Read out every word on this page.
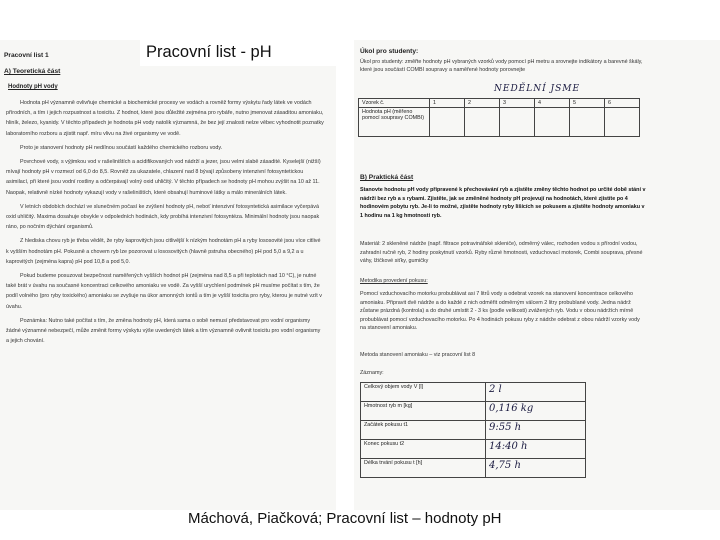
Pracovní list - pH
Pracovní list 1
A) Teoretická část
Hodnoty pH vody

Hodnota pH významně ovlivňuje chemické a biochemické procesy ve vodách a rovněž formy výskytu řady látek ve vodách přírodních, a tím i jejich rozpustnost a toxicitu. Z hodnot, které jsou důležité zejména pro rybáře, nutno jmenovat zásaditou amoniaku, hliník, železo, kyanidy. V těchto případech je hodnota pH vody natolik významná, že bez její znalosti nelze věbec vyhodnotit poznatky laboratorního rozboru a zjistit např. míru vlivu na živé organismy ve vodě.

Proto je stanovení hodnoty pH nedílnou součástí každého chemického rozboru vody.

Povrchové vody, s výjimkou vod v rašeliništích a acidifikovaných vod nádrží a jezer, jsou velmi slabě zásadité. Kyselejší (nižší) mívají hodnoty pH v rozmezí od 6,0 do 8,5. Rovněž za ukazatele, chlazení nad 8 bývají způsobeny intenzivní fotosyntetickou asimilací, při které jsou vodní rostliny a odčerpávají volný oxid uhličitý. V těchto případech se hodnoty pH mohou zvýšit na 10 až 11. Naopak, relativně nízké hodnoty vykazují vody v rašeliništích, které obsahují huminové látky a málo minerálních látek.

V letních obdobích dochází ve slunečném počasí ke zvýšení hodnoty pH, neboť intenzivní fotosyntetická asimilace vyčerpává oxid uhličitý. Maxima dosahuje obvykle v odpoledních hodinách, kdy probíhá intenzivní fotosyntéza. Minimální hodnoty jsou naopak ráno, po nočním dýchání organismů.

Z hlediska chovu ryb je třeba vědět, že ryby kaprovitých jsou citlivější k nízkým hodnotám pH a ryby lososovité jsou více citlivé k vyšším hodnotám pH. Pokusně a chovem ryb lze pozorovat u lososovitých (hlavně pstruha obecného) pH pod 5,0 a 9,2 a u kaprovitých (zejména kapra) pH pod 10,8 a pod 5,0.

Pokud budeme posuzovat bezpečnost naměřených vyšších hodnot pH (zejména nad 8,5 a při teplotách nad 10 °C), je nutné také brát v úvahu na současné koncentraci celkového amoniaku ve vodě. Za vyšší urychlení podmínek pH musíme počítat s tím, že podíl volného (pro ryby toxického) amoniaku se zvyšuje na úkor amonných iontů a tím je vyšší toxicita pro ryby, kterou je nutné vzít v úvahu.

Poznámka: Nutno také počítat s tím, že změna hodnoty pH, která sama o sobě nemusí představovat pro vodní organismy žádné významné nebezpečí, může změnit formy výskytu výše uvedených látek a tím významně ovlivnit toxicitu pro vodní organismy a jejich chování.

Úkol pro studenty:
Úkol pro studenty: změřte hodnoty pH vybraných vzorků vody pomocí pH metru a srovnejte indikátory a barevné škály, které jsou součástí COMBI soupravy a naměřené hodnoty porovnejte
NEDĚLNÍ JSME
Vzorek č.	1	2	3	4	5	6
Hodnota pH (měřeno pomocí soupravy COMBI)						
B) Praktická část
Stanovte hodnotu pH vody připravené k přechovávání ryb a zjistěte změny těchto hodnot po určité době stání v nádrži bez ryb a s rybami. Zjistěte, jak se změněné hodnoty pH projevují na hodnotách, které zjistíte po 4 hodinovém pobytu ryb. Je-li to možné, zjistěte hodnoty ryby lišících se pokusem a zjistěte hodnoty amoniaku v 1 hodinu na 1 kg hmotnosti ryb.
Materiál: 2 skleněné nádrže (např. filtrace potravinářské skleniče), odměrný válec, rozhoden vodou s přírodní vodou, zahradní ručně ryb, 2 hodiny poskytnutí vzorků. Ryby různé hmotnosti, vzduchovací motorek, Combi souprava, přesné váhy, lžičkové siťky, gumičky
Metodika provedení pokusu:
Pomocí vzduchovacího motorku probublávat asi 7 litrů vody a odebrat vzorek na stanovení koncentrace celkového amoniaku. Připravit dvě nádrže a do každé z nich odměřit odměrným válcem 2 litry probublané vody. Jedna nádrž zůstane prázdná (kontrola) a do druhé umístit 2 - 3 ks (podle velikosti) zvážených ryb. Vodu v obou nádržích mírně probublávat pomocí vzduchovacího motorku. Po 4 hodinách pokusu ryby z nádrže odebrat z obou nádrží vzorky vody na stanovení amoniaku.
Metoda stanovení amoniaku – viz pracovní list 8
Záznamy:
Celkový objem vody V [l]	2 l
Hmotnost ryb m [kg]	0,116 kg
Začátek pokusu t1	9:55 h
Konec pokusu t2	14:40 h
Délka trvání pokusu t [h]	4,75 h
Máchová, Piačková; Pracovní list – hodnoty pH
